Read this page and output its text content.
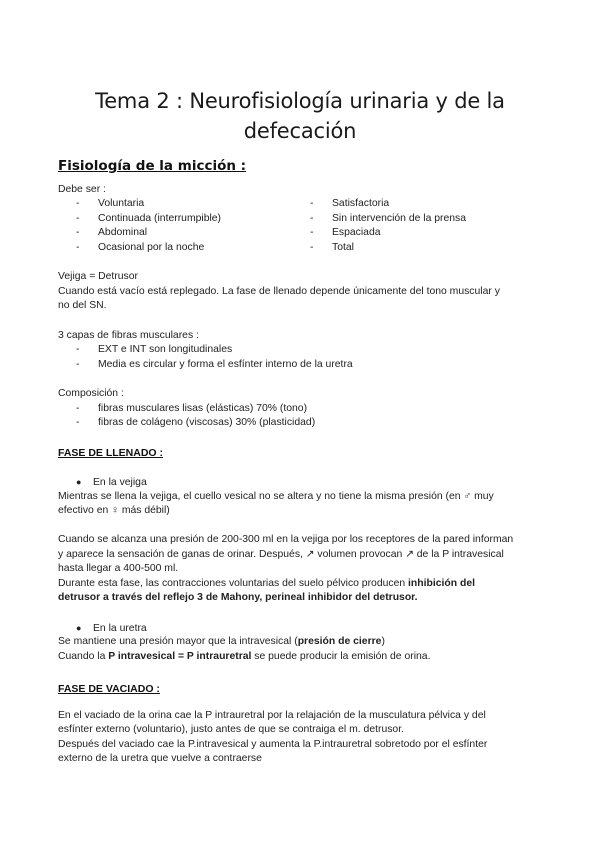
Tema 2 : Neurofisiología urinaria y de la defecación
Fisiología de la micción :
Debe ser :
- Voluntaria
- Continuada (interrumpible)
- Abdominal
- Ocasional por la noche
- Satisfactoria
- Sin intervención de la prensa
- Espaciada
- Total
Vejiga = Detrusor
Cuando está vacío está replegado. La fase de llenado depende únicamente del tono muscular y
no del SN.
3 capas de fibras musculares :
- EXT e INT son longitudinales
- Media es circular y forma el esfínter interno de la uretra
Composición :
- fibras musculares lisas (elásticas) 70% (tono)
- fibras de colágeno (viscosas) 30% (plasticidad)
FASE DE LLENADO :
● En la vejiga
Mientras se llena la vejiga, el cuello vesical no se altera y no tiene la misma presión (en ♂ muy
efectivo en ♀ más débil)
Cuando se alcanza una presión de 200-300 ml en la vejiga por los receptores de la pared informan
y aparece la sensación de ganas de orinar. Después, ↗ volumen provocan ↗ de la P intravesical
hasta llegar a 400-500 ml.
Durante esta fase, las contracciones voluntarias del suelo pélvico producen inhibición del
detrusor a través del reflejo 3 de Mahony, perineal inhibidor del detrusor.
● En la uretra
Se mantiene una presión mayor que la intravesical (presión de cierre)
Cuando la P intravesical = P intrauretral se puede producir la emisión de orina.
FASE DE VACIADO :
En el vaciado de la orina cae la P intrauretral por la relajación de la musculatura pélvica y del
esfínter externo (voluntario), justo antes de que se contraiga el m. detrusor.
Después del vaciado cae la P.intravesical y aumenta la P.intrauretral sobretodo por el esfínter
externo de la uretra que vuelve a contraerse
